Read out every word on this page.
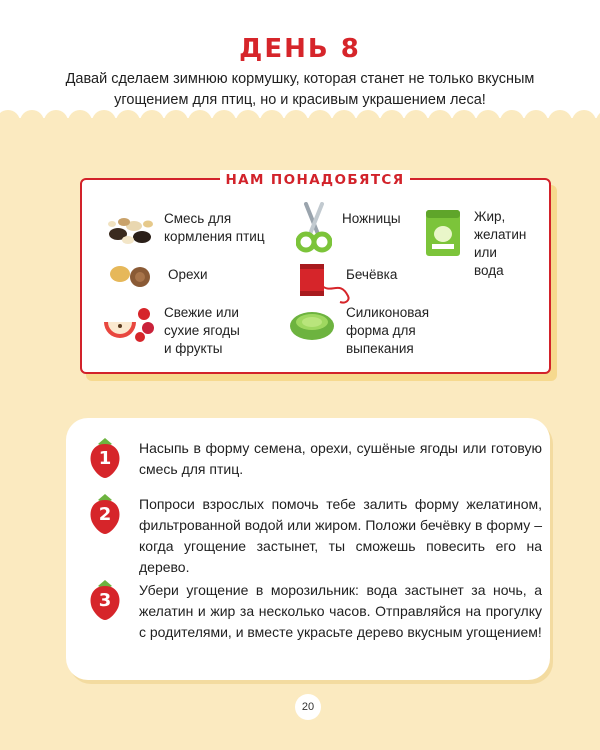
ДЕНЬ 8
Давай сделаем зимнюю кормушку, которая станет не только вкусным угощением для птиц, но и красивым украшением леса!
НАМ ПОНАДОБЯТСЯ
Смесь для
кормления птиц
Ножницы	Жир,
желатин
или
вода
Орехи	Бечёвка
Свежие или
сухие ягоды
и фрукты
Силиконовая
форма для
выпекания
1	Насыпь в форму семена, орехи, сушёные ягоды или готовую смесь для птиц.
2	Попроси взрослых помочь тебе залить форму желатином, фильтрованной водой или жиром. Положи бечёвку в форму – когда угощение застынет, ты сможешь повесить его на дерево.
3	Убери угощение в морозильник: вода застынет за ночь, а желатин и жир за несколько часов. Отправляйся на прогулку с родителями, и вместе украсьте дерево вкусным угощением!
20
